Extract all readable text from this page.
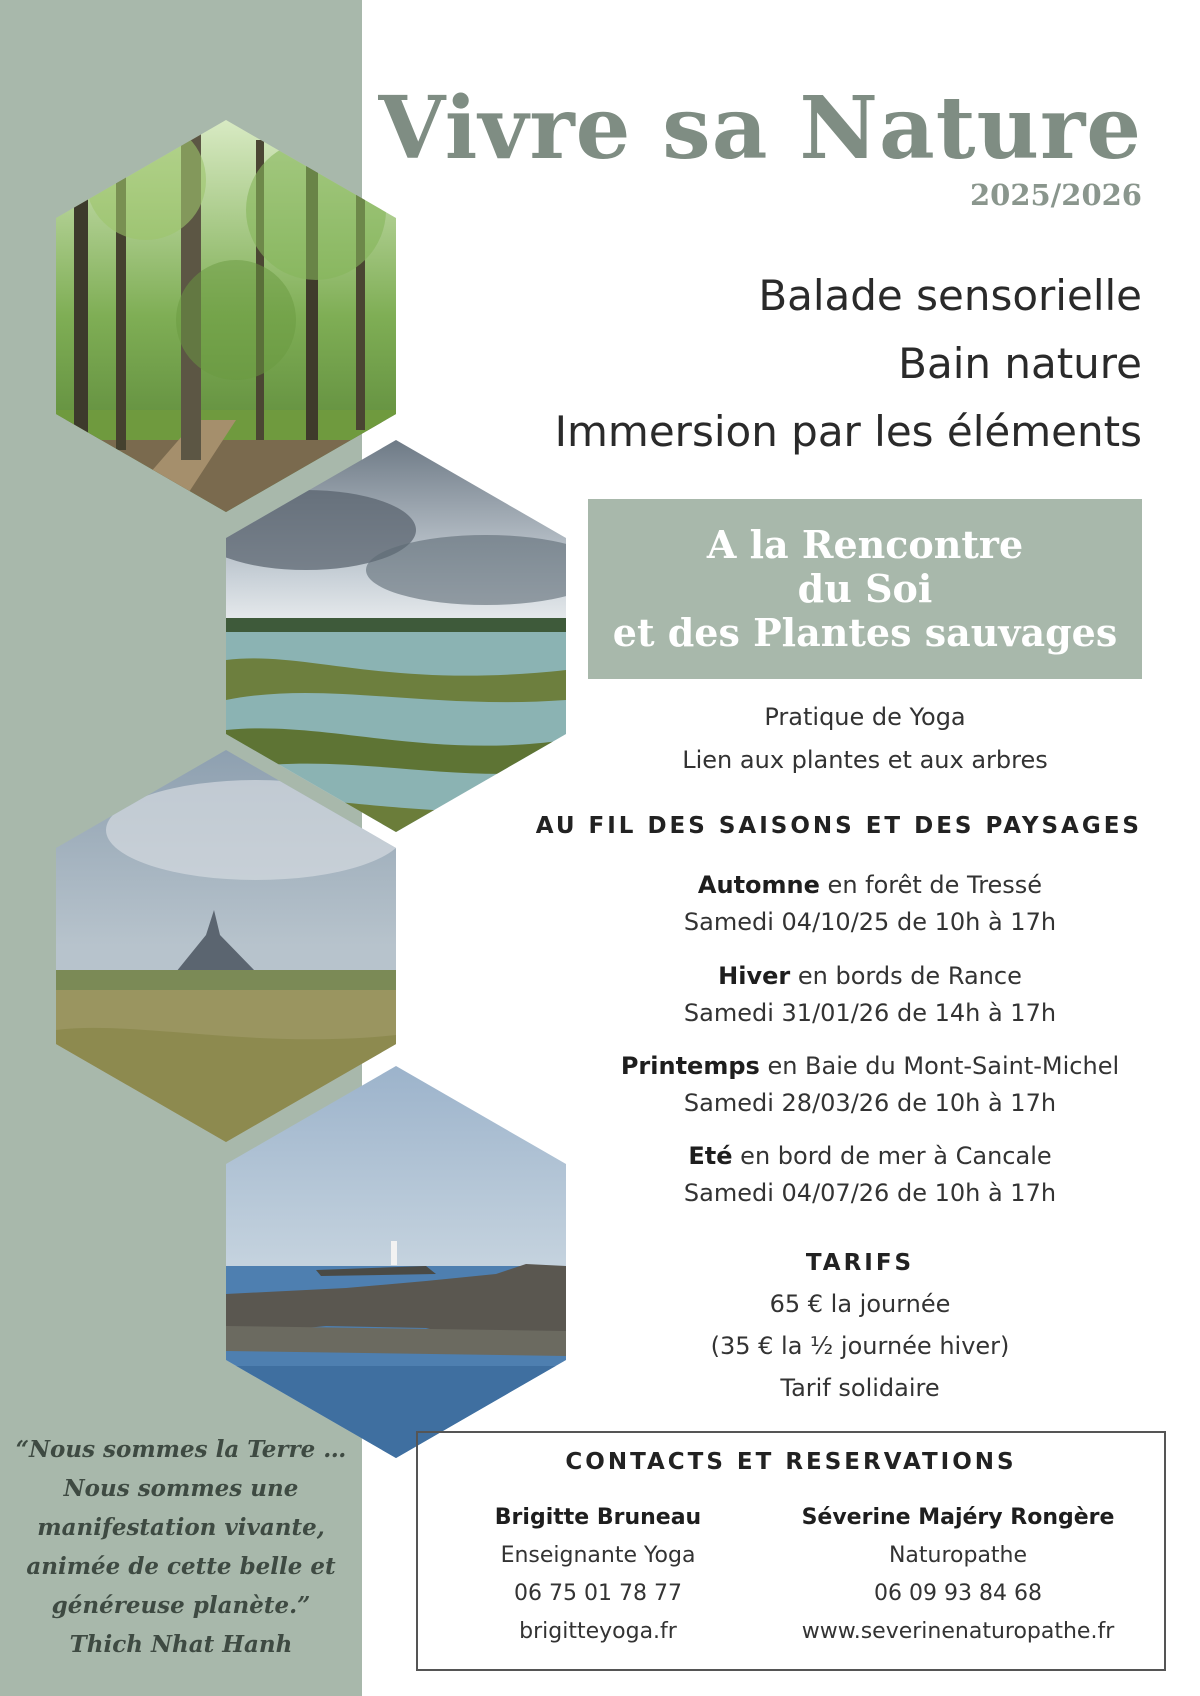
Vivre sa Nature
2025/2026
Balade sensorielle
Bain nature
Immersion par les éléments
A la Rencontre
du Soi
et des Plantes sauvages
Pratique de Yoga
Lien aux plantes et aux arbres
AU FIL DES SAISONS ET DES PAYSAGES
Automne en forêt de Tressé
Samedi 04/10/25 de 10h à 17h
Hiver en bords de Rance
Samedi 31/01/26 de 14h à 17h
Printemps en Baie du Mont-Saint-Michel
Samedi 28/03/26 de 10h à 17h
Eté en bord de mer à Cancale
Samedi 04/07/26 de 10h à 17h
TARIFS
65 € la journée
(35 € la ½ journée hiver)
Tarif solidaire
CONTACTS ET RESERVATIONS
Brigitte Bruneau
Enseignante Yoga
06 75 01 78 77
brigitteyoga.fr
Séverine Majéry Rongère
Naturopathe
06 09 93 84 68
www.severinenaturopathe.fr
“Nous sommes la Terre …
Nous sommes une
manifestation vivante,
animée de cette belle et
généreuse planète.”
Thich Nhat Hanh
